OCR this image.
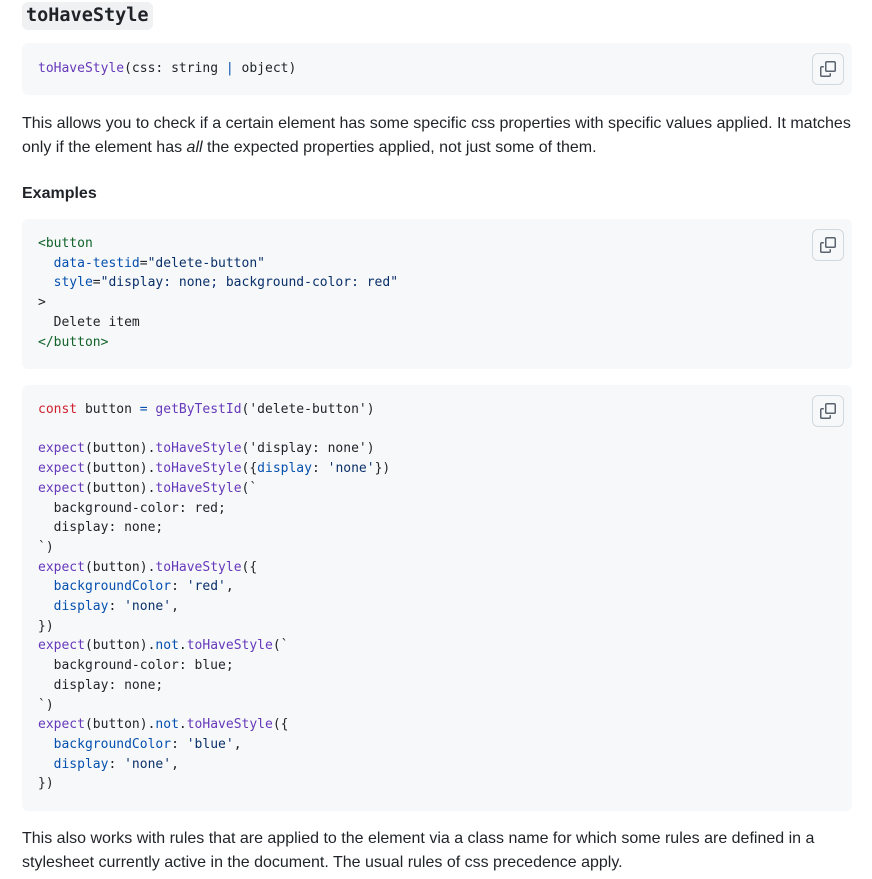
toHaveStyle
toHaveStyle(css: string | object)

This allows you to check if a certain element has some specific css properties with specific values applied. It matches only if the element has all the expected properties applied, not just some of them.

Examples
<button
data-testid="delete-button"
style="display: none; background-color: red"
>
Delete item
</button>
const button = getByTestId('delete-button')

expect(button).toHaveStyle('display: none')
expect(button).toHaveStyle({display: 'none'})
expect(button).toHaveStyle(`
background-color: red;
display: none;
`)
expect(button).toHaveStyle({
backgroundColor: 'red',
display: 'none',
})
expect(button).not.toHaveStyle(`
background-color: blue;
display: none;
`)
expect(button).not.toHaveStyle({
backgroundColor: 'blue',
display: 'none',
})

This also works with rules that are applied to the element via a class name for which some rules are defined in a stylesheet currently active in the document. The usual rules of css precedence apply.
